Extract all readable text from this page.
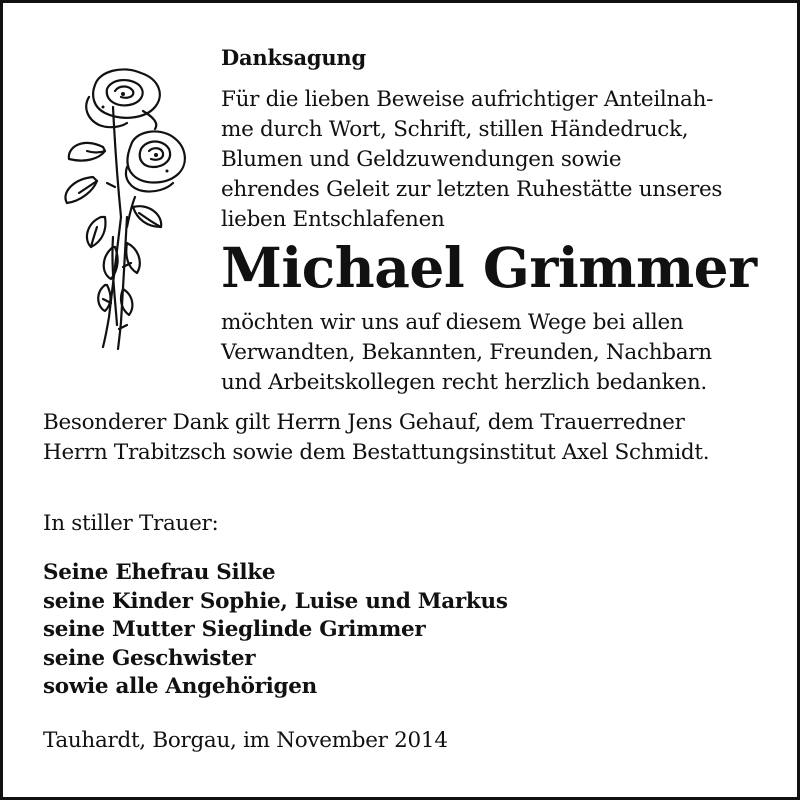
Danksagung
Für die lieben Beweise aufrichtiger Anteilnah-
me durch Wort, Schrift, stillen Händedruck,
Blumen und Geldzuwendungen sowie
ehrendes Geleit zur letzten Ruhestätte unseres
lieben Entschlafenen
Michael Grimmer
möchten wir uns auf diesem Wege bei allen
Verwandten, Bekannten, Freunden, Nachbarn
und Arbeitskollegen recht herzlich bedanken.
Besonderer Dank gilt Herrn Jens Gehauf, dem Trauerredner
Herrn Trabitzsch sowie dem Bestattungsinstitut Axel Schmidt.
In stiller Trauer:
Seine Ehefrau Silke
seine Kinder Sophie, Luise und Markus
seine Mutter Sieglinde Grimmer
seine Geschwister
sowie alle Angehörigen
Tauhardt, Borgau, im November 2014
